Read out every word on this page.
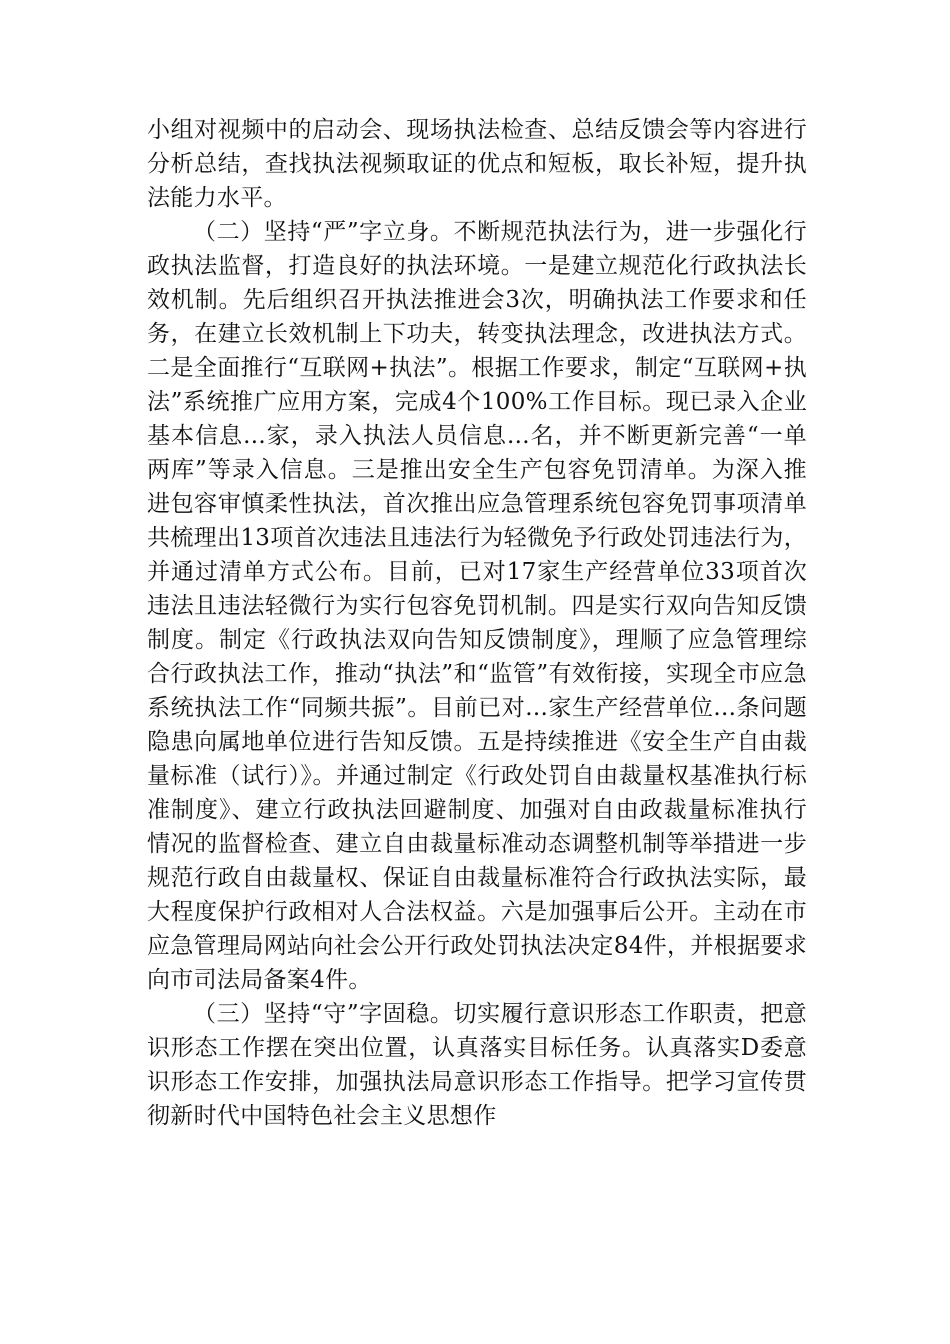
小组对视频中的启动会、现场执法检查、总结反馈会等内容进行分析总结，查找执法视频取证的优点和短板，取长补短，提升执法能力水平。

（二）坚持“严”字立身。不断规范执法行为，进一步强化行政执法监督，打造良好的执法环境。一是建立规范化行政执法长效机制。先后组织召开执法推进会3次，明确执法工作要求和任务，在建立长效机制上下功夫，转变执法理念，改进执法方式。二是全面推行“互联网+执法”。根据工作要求，制定“互联网+执法”系统推广应用方案，完成4个100%工作目标。现已录入企业基本信息...家，录入执法人员信息...名，并不断更新完善“一单两库”等录入信息。三是推出安全生产包容免罚清单。为深入推进包容审慎柔性执法，首次推出应急管理系统包容免罚事项清单共梳理出13项首次违法且违法行为轻微免予行政处罚违法行为，并通过清单方式公布。目前，已对17家生产经营单位33项首次违法且违法轻微行为实行包容免罚机制。四是实行双向告知反馈制度。制定《行政执法双向告知反馈制度》，理顺了应急管理综合行政执法工作，推动“执法”和“监管”有效衔接，实现全市应急系统执法工作“同频共振”。目前已对...家生产经营单位...条问题隐患向属地单位进行告知反馈。五是持续推进《安全生产自由裁量标准（试行）》。并通过制定《行政处罚自由裁量权基准执行标准制度》、建立行政执法回避制度、加强对自由政裁量标准执行情况的监督检查、建立自由裁量标准动态调整机制等举措进一步规范行政自由裁量权、保证自由裁量标准符合行政执法实际，最大程度保护行政相对人合法权益。六是加强事后公开。主动在市应急管理局网站向社会公开行政处罚执法决定84件，并根据要求向市司法局备案4件。

（三）坚持“守”字固稳。切实履行意识形态工作职责，把意识形态工作摆在突出位置，认真落实目标任务。认真落实D委意识形态工作安排，加强执法局意识形态工作指导。把学习宣传贯彻新时代中国特色社会主义思想作
